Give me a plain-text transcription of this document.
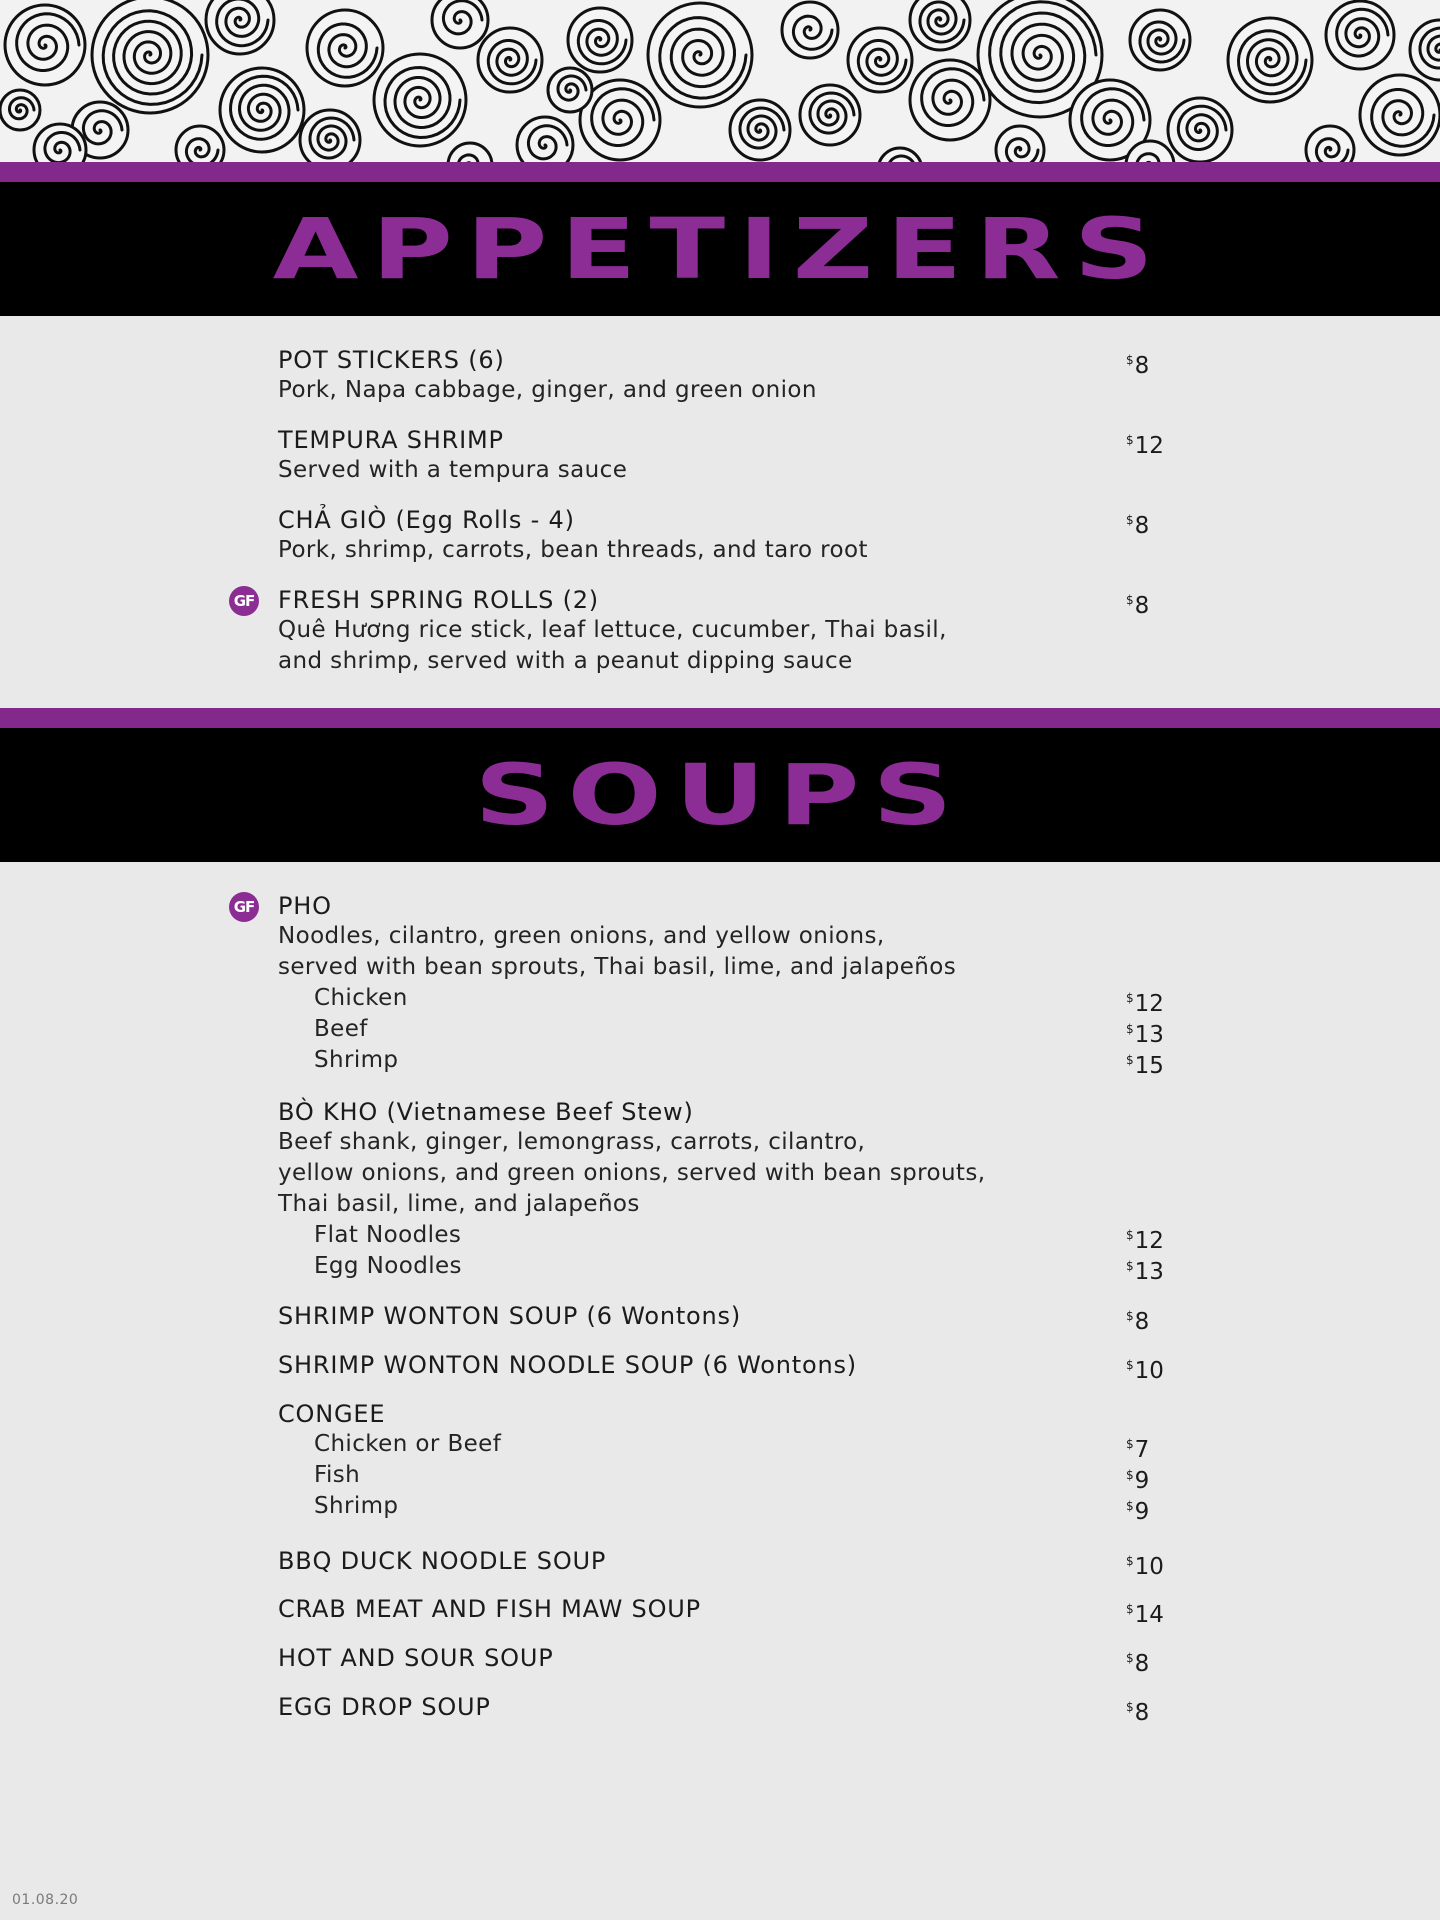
APPETIZERS
POT STICKERS (6)	$8
Pork, Napa cabbage, ginger, and green onion
TEMPURA SHRIMP	$12
Served with a tempura sauce
CHẢ GIÒ (Egg Rolls - 4)	$8
Pork, shrimp, carrots, bean threads, and taro root
GF FRESH SPRING ROLLS (2)	$8
Quê Hương rice stick, leaf lettuce, cucumber, Thai basil,
and shrimp, served with a peanut dipping sauce
SOUPS
GF PHO
Noodles, cilantro, green onions, and yellow onions,
served with bean sprouts, Thai basil, lime, and jalapeños
Chicken	$12
Beef	$13
Shrimp	$15
BÒ KHO (Vietnamese Beef Stew)
Beef shank, ginger, lemongrass, carrots, cilantro,
yellow onions, and green onions, served with bean sprouts,
Thai basil, lime, and jalapeños
Flat Noodles	$12
Egg Noodles	$13
SHRIMP WONTON SOUP (6 Wontons)	$8
SHRIMP WONTON NOODLE SOUP (6 Wontons)	$10
CONGEE
Chicken or Beef	$7
Fish	$9
Shrimp	$9
BBQ DUCK NOODLE SOUP	$10
CRAB MEAT AND FISH MAW SOUP	$14
HOT AND SOUR SOUP	$8
EGG DROP SOUP	$8
01.08.20
